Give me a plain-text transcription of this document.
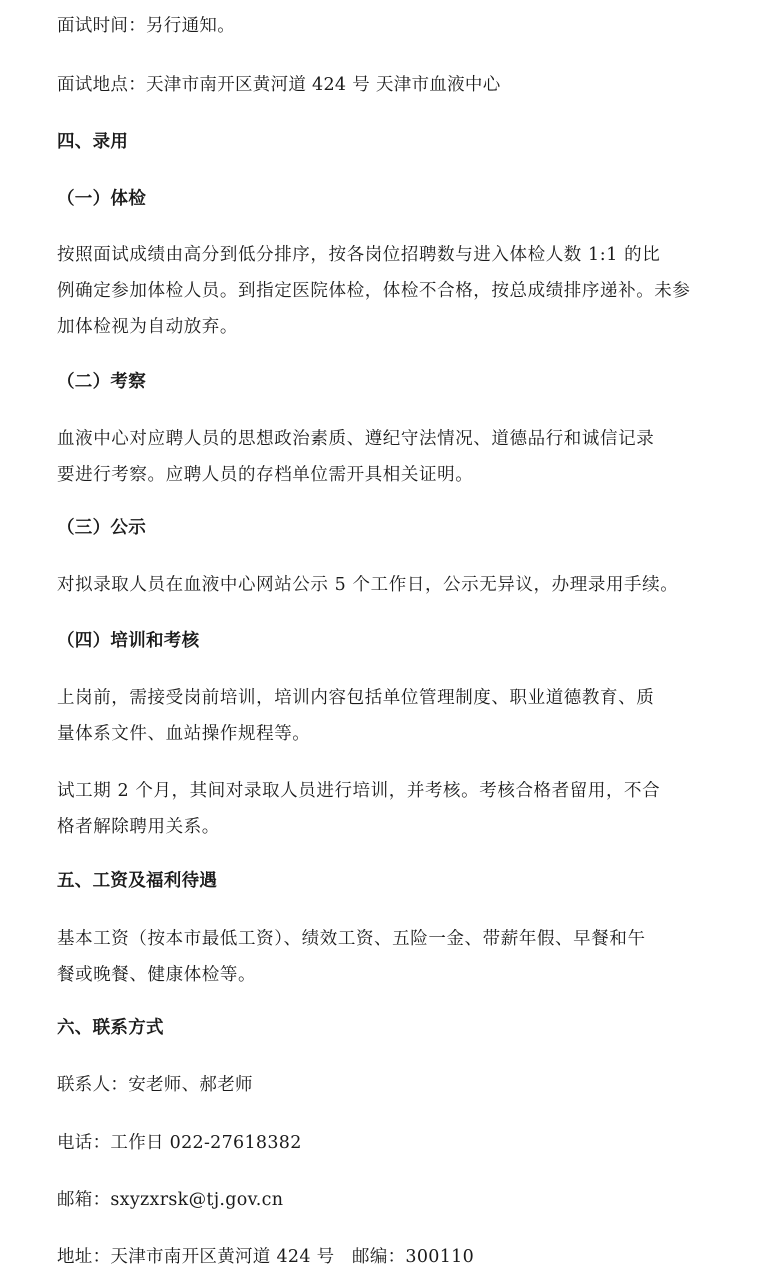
面试时间：另行通知。
面试地点：天津市南开区黄河道 424 号 天津市血液中心
四、录用
（一）体检
按照面试成绩由高分到低分排序，按各岗位招聘数与进入体检人数 1:1 的比
例确定参加体检人员。到指定医院体检，体检不合格，按总成绩排序递补。未参
加体检视为自动放弃。
（二）考察
血液中心对应聘人员的思想政治素质、遵纪守法情况、道德品行和诚信记录
要进行考察。应聘人员的存档单位需开具相关证明。
（三）公示
对拟录取人员在血液中心网站公示 5 个工作日，公示无异议，办理录用手续。
（四）培训和考核
上岗前，需接受岗前培训，培训内容包括单位管理制度、职业道德教育、质
量体系文件、血站操作规程等。
试工期 2 个月，其间对录取人员进行培训，并考核。考核合格者留用，不合
格者解除聘用关系。
五、工资及福利待遇
基本工资（按本市最低工资）、绩效工资、五险一金、带薪年假、早餐和午
餐或晚餐、健康体检等。
六、联系方式
联系人：安老师、郝老师
电话：工作日 022-27618382
邮箱：sxyzxrsk@tj.gov.cn
地址：天津市南开区黄河道 424 号   邮编：300110
